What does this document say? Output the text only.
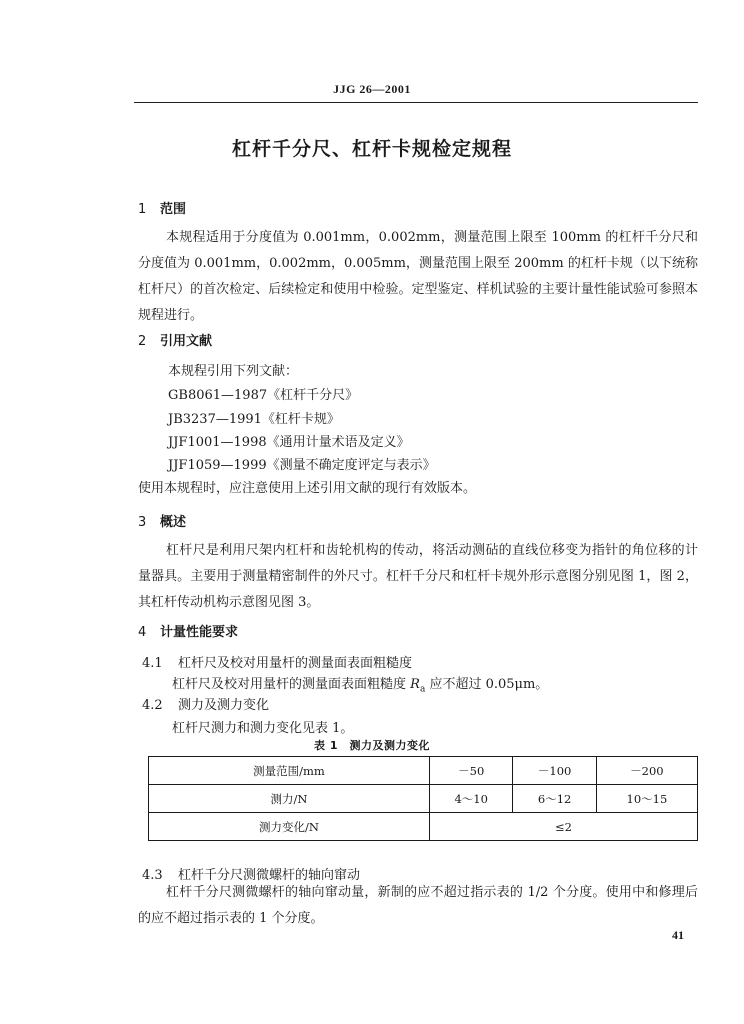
JJG 26—2001
杠杆千分尺、杠杆卡规检定规程
1 范围

本规程适用于分度值为 0.001mm，0.002mm，测量范围上限至 100mm 的杠杆千分尺和分度值为 0.001mm，0.002mm，0.005mm，测量范围上限至 200mm 的杠杆卡规（以下统称杠杆尺）的首次检定、后续检定和使用中检验。定型鉴定、样机试验的主要计量性能试验可参照本规程进行。

2 引用文献
本规程引用下列文献：
GB8061—1987《杠杆千分尺》
JB3237—1991《杠杆卡规》
JJF1001—1998《通用计量术语及定义》
JJF1059—1999《测量不确定度评定与表示》
使用本规程时，应注意使用上述引用文献的现行有效版本。
3 概述

杠杆尺是利用尺架内杠杆和齿轮机构的传动，将活动测砧的直线位移变为指针的角位移的计量器具。主要用于测量精密制件的外尺寸。杠杆千分尺和杠杆卡规外形示意图分别见图 1，图 2，其杠杆传动机构示意图见图 3。

4 计量性能要求
4.1 杠杆尺及校对用量杆的测量面表面粗糙度
杠杆尺及校对用量杆的测量面表面粗糙度 $R_a$ 应不超过 0.05μm。
4.2 测力及测力变化
杠杆尺测力和测力变化见表 1。
表 1　测力及测力变化
测量范围/mm	－50	－100	－200
测力/N	4～10	6～12	10～15
测力变化/N	≤2		
4.3 杠杆千分尺测微螺杆的轴向窜动

杠杆千分尺测微螺杆的轴向窜动量，新制的应不超过指示表的 1/2 个分度。使用中和修理后的应不超过指示表的 1 个分度。

41
